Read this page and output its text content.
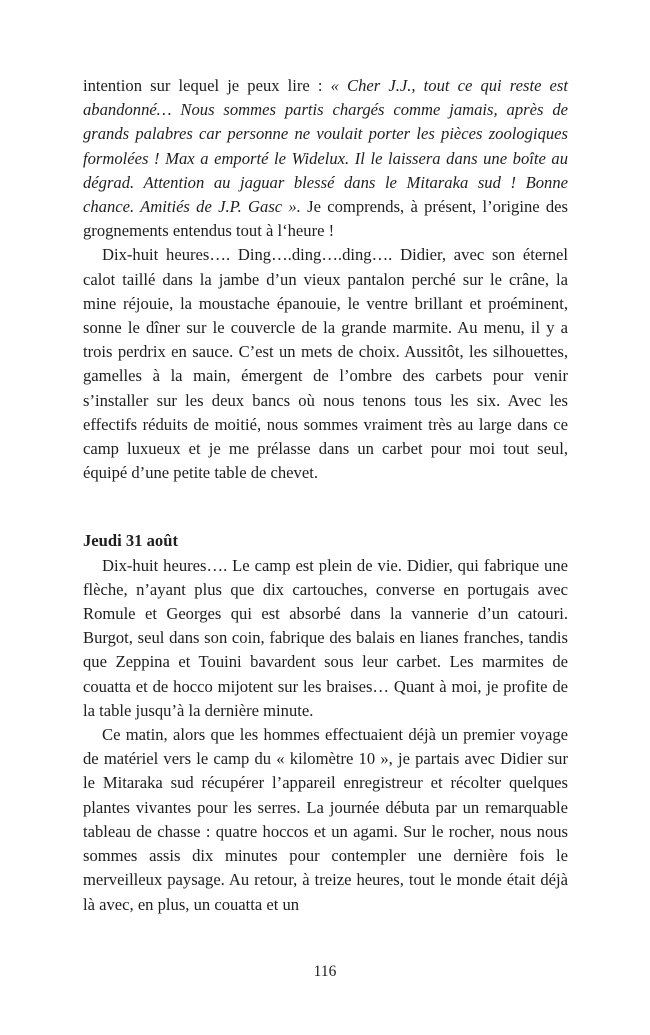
intention sur lequel je peux lire : « Cher J.J., tout ce qui reste est abandonné… Nous sommes partis chargés comme jamais, après de grands palabres car personne ne voulait porter les pièces zoologiques formolées ! Max a emporté le Widelux. Il le laissera dans une boîte au dégrad. Attention au jaguar blessé dans le Mitaraka sud ! Bonne chance. Amitiés de J.P. Gasc ». Je comprends, à présent, l’origine des grognements entendus tout à l‘heure !

Dix-huit heures…. Ding….ding….ding…. Didier, avec son éternel calot taillé dans la jambe d’un vieux pantalon perché sur le crâne, la mine réjouie, la moustache épanouie, le ventre brillant et proéminent, sonne le dîner sur le couvercle de la grande marmite. Au menu, il y a trois perdrix en sauce. C’est un mets de choix. Aussitôt, les silhouettes, gamelles à la main, émergent de l’ombre des carbets pour venir s’installer sur les deux bancs où nous tenons tous les six. Avec les effectifs réduits de moitié, nous sommes vraiment très au large dans ce camp luxueux et je me prélasse dans un carbet pour moi tout seul, équipé d’une petite table de chevet.

Jeudi 31 août

Dix-huit heures…. Le camp est plein de vie. Didier, qui fabrique une flèche, n’ayant plus que dix cartouches, converse en portugais avec Romule et Georges qui est absorbé dans la vannerie d’un catouri. Burgot, seul dans son coin, fabrique des balais en lianes franches, tandis que Zeppina et Touini bavardent sous leur carbet. Les marmites de couatta et de hocco mijotent sur les braises… Quant à moi, je profite de la table jusqu’à la dernière minute.

Ce matin, alors que les hommes effectuaient déjà un premier voyage de matériel vers le camp du « kilomètre 10 », je partais avec Didier sur le Mitaraka sud récupérer l’appareil enregistreur et récolter quelques plantes vivantes pour les serres. La journée débuta par un remarquable tableau de chasse : quatre hoccos et un agami. Sur le rocher, nous nous sommes assis dix minutes pour contempler une dernière fois le merveilleux paysage. Au retour, à treize heures, tout le monde était déjà là avec, en plus, un couatta et un

116
